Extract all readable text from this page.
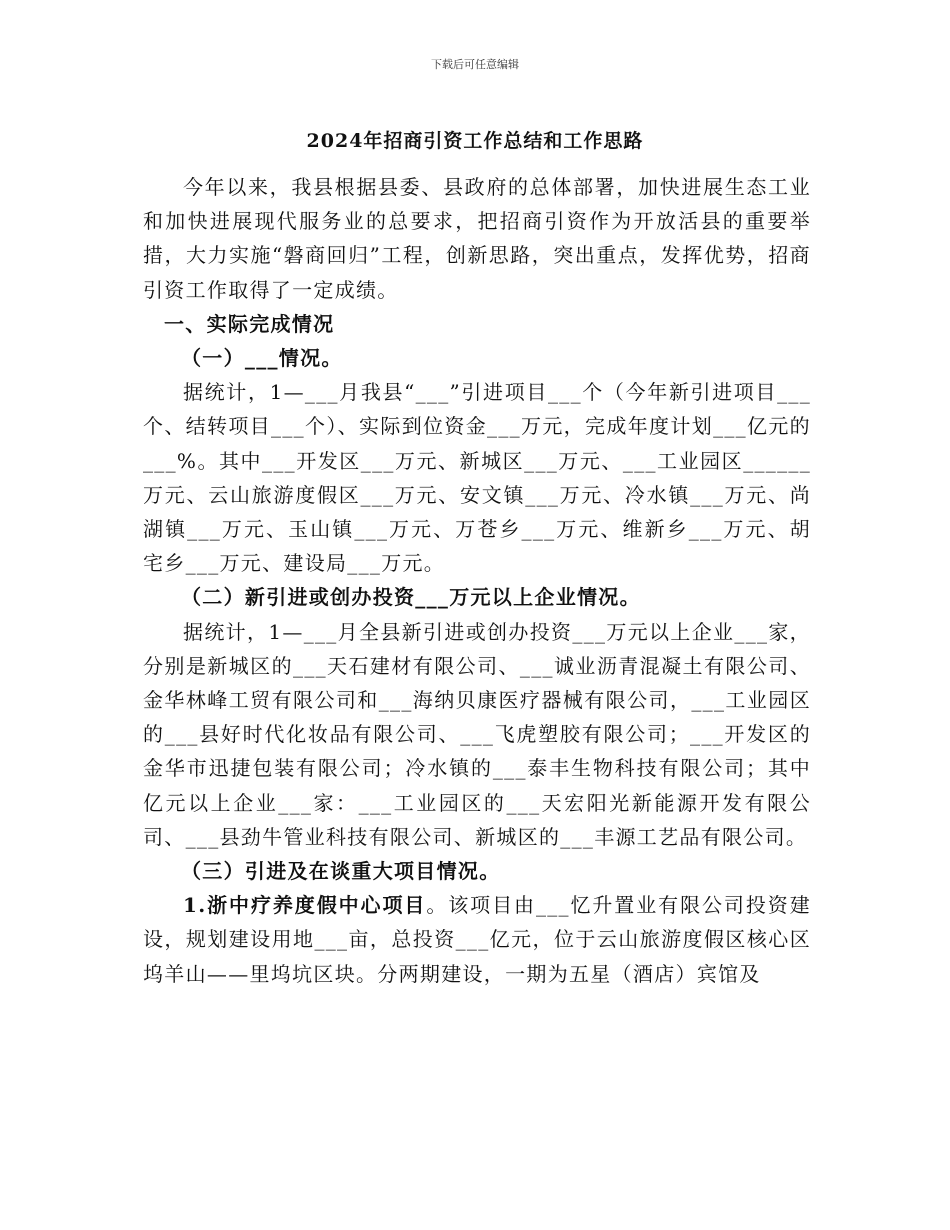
下载后可任意编辑
2024年招商引资工作总结和工作思路

今年以来，我县根据县委、县政府的总体部署，加快进展生态工业和加快进展现代服务业的总要求，把招商引资作为开放活县的重要举措，大力实施“磐商回归”工程，创新思路，突出重点，发挥优势，招商引资工作取得了一定成绩。

一、实际完成情况

（一）___情况。

据统计，1—___月我县“___”引进项目___个（今年新引进项目___个、结转项目___个）、实际到位资金___万元，完成年度计划___亿元的___%。其中___开发区___万元、新城区___万元、___工业园区______万元、云山旅游度假区___万元、安文镇___万元、冷水镇___万元、尚湖镇___万元、玉山镇___万元、万苍乡___万元、维新乡___万元、胡宅乡___万元、建设局___万元。

（二）新引进或创办投资___万元以上企业情况。

据统计，1—___月全县新引进或创办投资___万元以上企业___家，分别是新城区的___天石建材有限公司、___诚业沥青混凝土有限公司、金华林峰工贸有限公司和___海纳贝康医疗器械有限公司，___工业园区的___县好时代化妆品有限公司、___飞虎塑胶有限公司；___开发区的金华市迅捷包装有限公司；冷水镇的___泰丰生物科技有限公司；其中亿元以上企业___家：___工业园区的___天宏阳光新能源开发有限公司、___县劲牛管业科技有限公司、新城区的___丰源工艺品有限公司。

（三）引进及在谈重大项目情况。

1.浙中疗养度假中心项目。该项目由___忆升置业有限公司投资建设，规划建设用地___亩，总投资___亿元，位于云山旅游度假区核心区坞羊山——里坞坑区块。分两期建设，一期为五星（酒店）宾馆及
